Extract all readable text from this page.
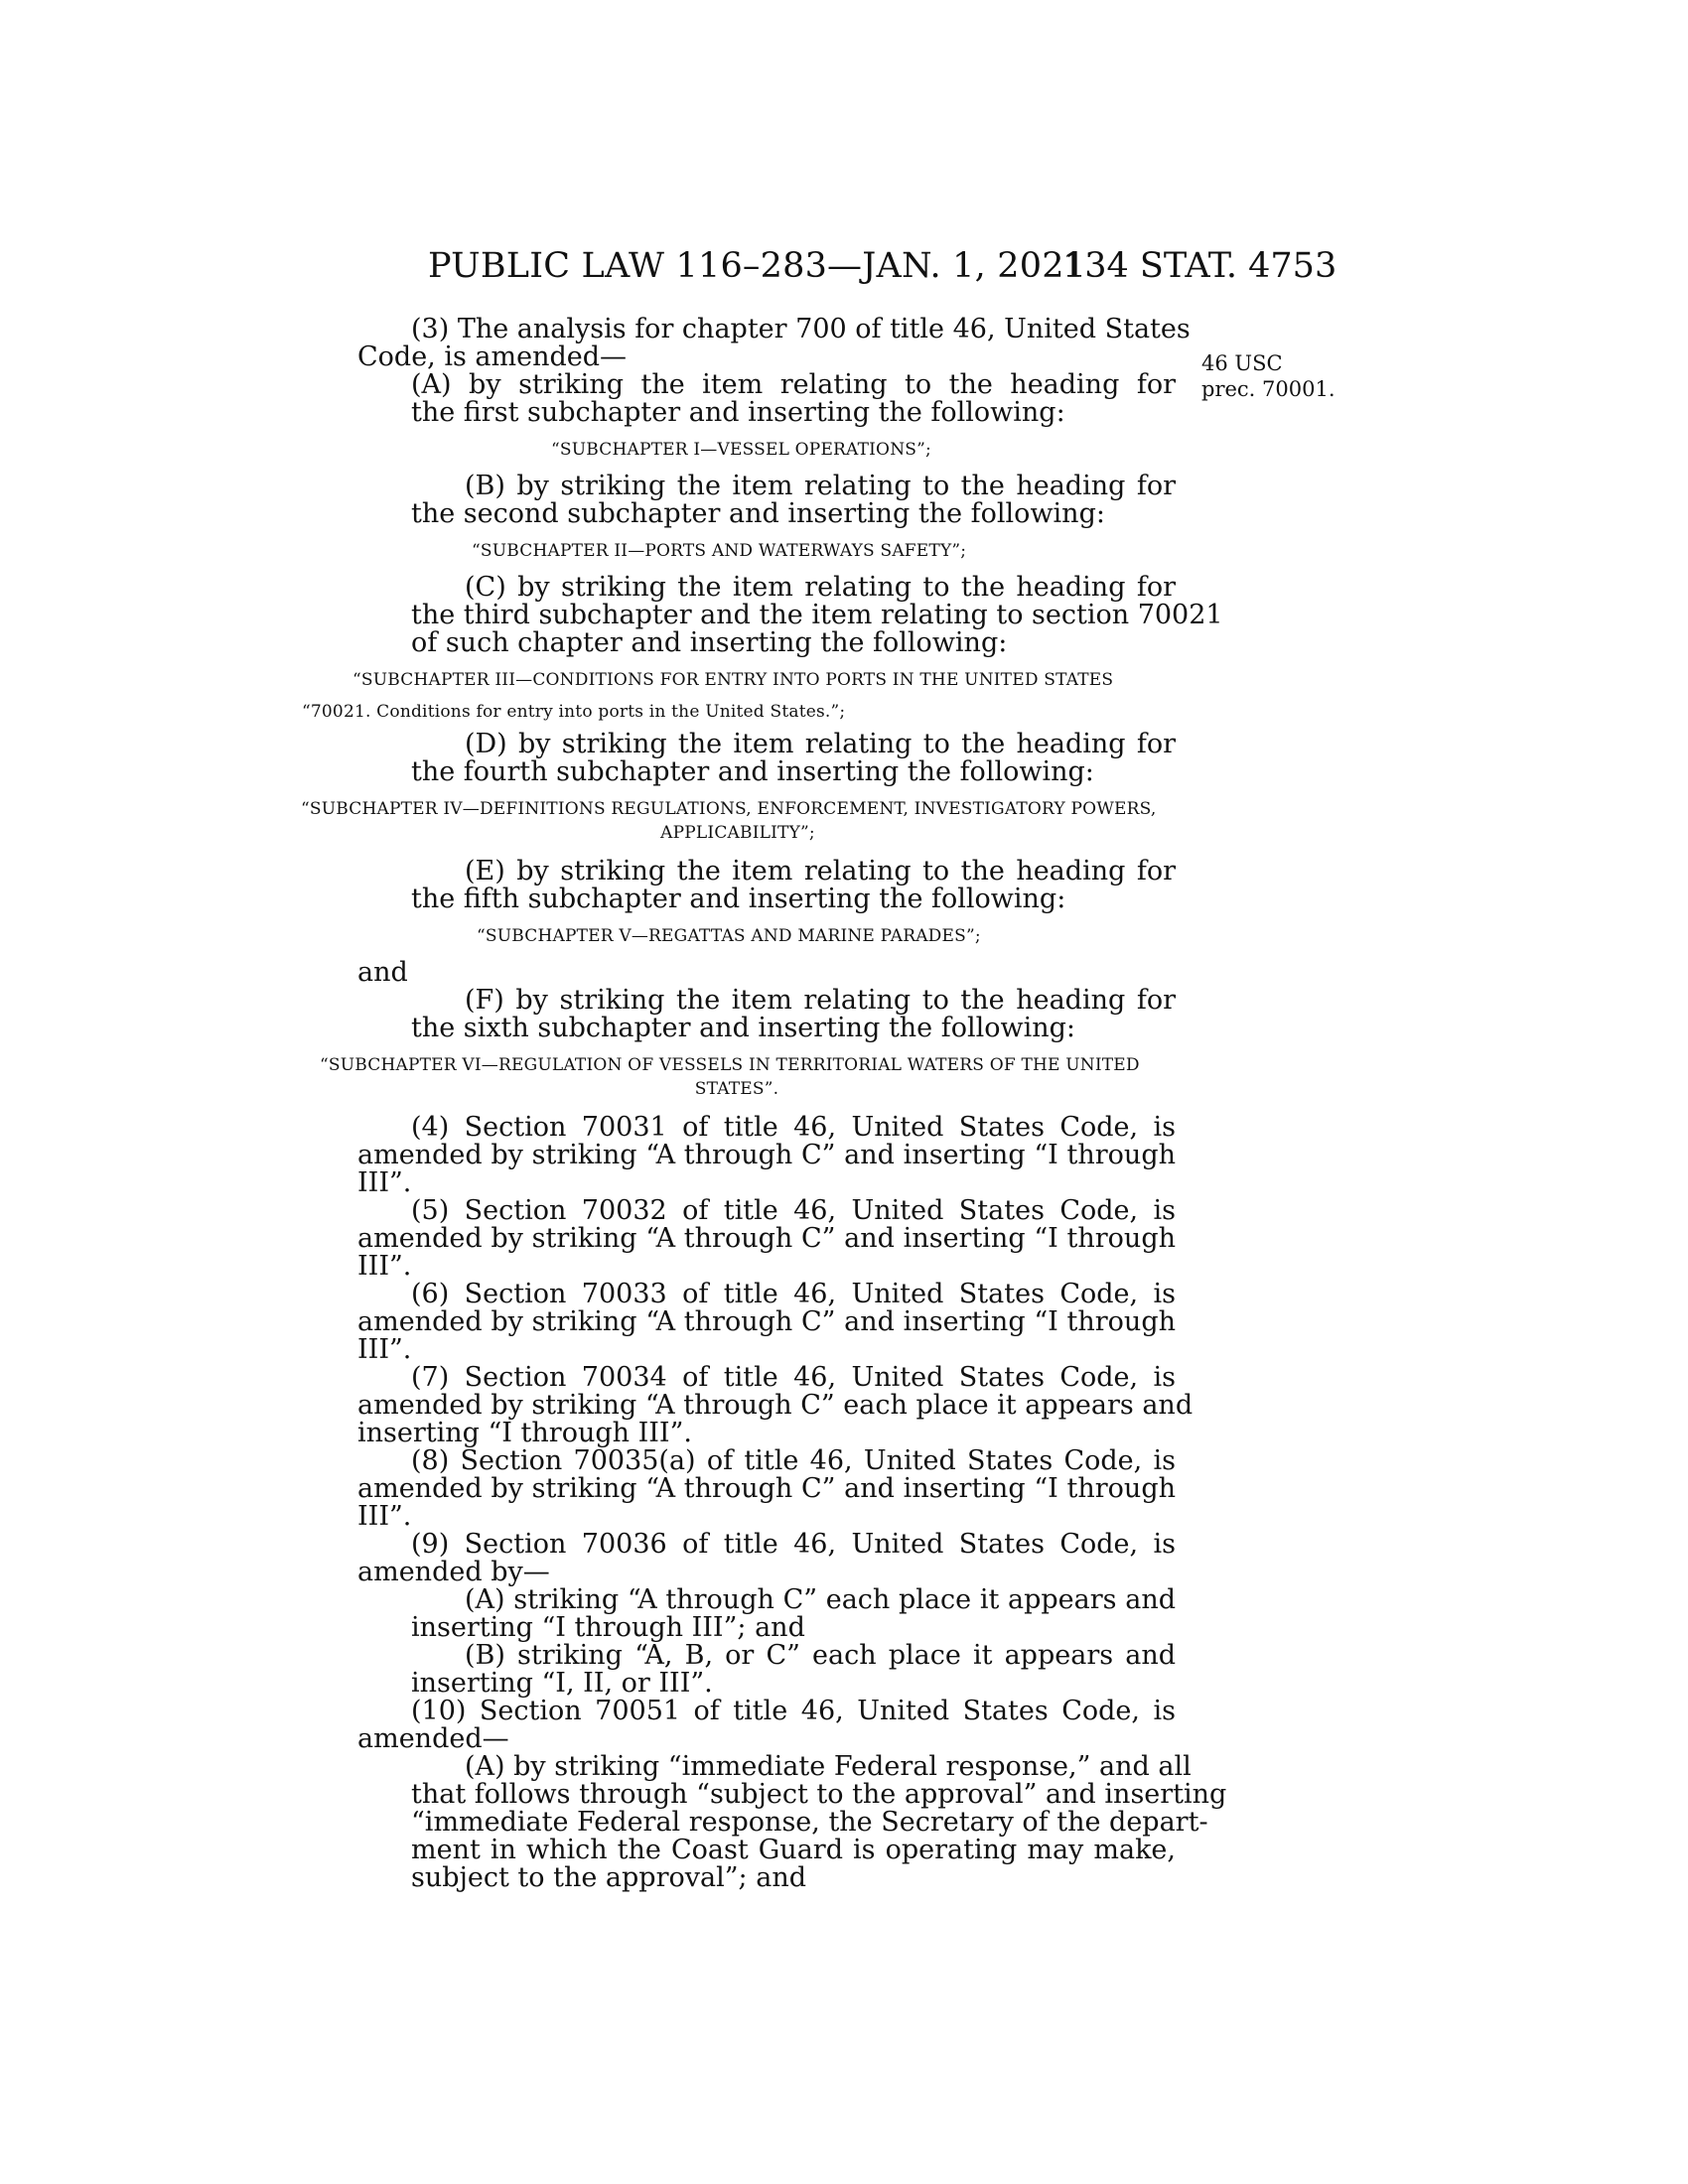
PUBLIC LAW 116–283—JAN. 1, 2021
134 STAT. 4753
46 USC
prec. 70001.
(3) The analysis for chapter 700 of title 46, United States
Code, is amended—
(A) by striking the item relating to the heading for
the first subchapter and inserting the following:
“SUBCHAPTER I—VESSEL OPERATIONS”;
(B) by striking the item relating to the heading for
the second subchapter and inserting the following:
“SUBCHAPTER II—PORTS AND WATERWAYS SAFETY”;
(C) by striking the item relating to the heading for
the third subchapter and the item relating to section 70021
of such chapter and inserting the following:
“SUBCHAPTER III—CONDITIONS FOR ENTRY INTO PORTS IN THE UNITED STATES
“70021. Conditions for entry into ports in the United States.”;
(D) by striking the item relating to the heading for
the fourth subchapter and inserting the following:
“SUBCHAPTER IV—DEFINITIONS REGULATIONS, ENFORCEMENT, INVESTIGATORY POWERS,
APPLICABILITY”;
(E) by striking the item relating to the heading for
the fifth subchapter and inserting the following:
“SUBCHAPTER V—REGATTAS AND MARINE PARADES”;
and
(F) by striking the item relating to the heading for
the sixth subchapter and inserting the following:
“SUBCHAPTER VI—REGULATION OF VESSELS IN TERRITORIAL WATERS OF THE UNITED
STATES”.
(4) Section 70031 of title 46, United States Code, is
amended by striking “A through C” and inserting “I through
III”.
(5) Section 70032 of title 46, United States Code, is
amended by striking “A through C” and inserting “I through
III”.
(6) Section 70033 of title 46, United States Code, is
amended by striking “A through C” and inserting “I through
III”.
(7) Section 70034 of title 46, United States Code, is
amended by striking “A through C” each place it appears and
inserting “I through III”.
(8) Section 70035(a) of title 46, United States Code, is
amended by striking “A through C” and inserting “I through
III”.
(9) Section 70036 of title 46, United States Code, is
amended by—
(A) striking “A through C” each place it appears and
inserting “I through III”; and
(B) striking “A, B, or C” each place it appears and
inserting “I, II, or III”.
(10) Section 70051 of title 46, United States Code, is
amended—
(A) by striking “immediate Federal response,” and all
that follows through “subject to the approval” and inserting
“immediate Federal response, the Secretary of the depart-
ment in which the Coast Guard is operating may make,
subject to the approval”; and
